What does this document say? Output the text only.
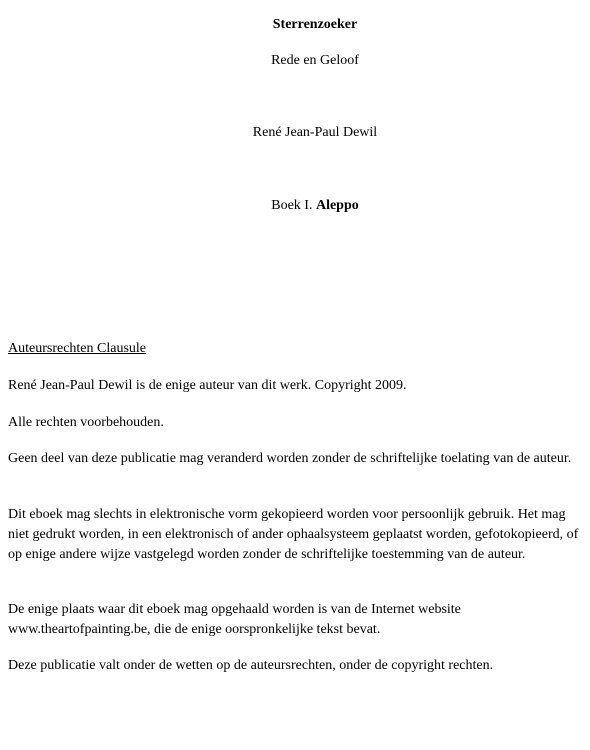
Sterrenzoeker
Rede en Geloof
René Jean-Paul Dewil
Boek I. Aleppo
Auteursrechten Clausule
René Jean-Paul Dewil is de enige auteur van dit werk. Copyright 2009.
Alle rechten voorbehouden.
Geen deel van deze publicatie mag veranderd worden zonder de schriftelijke toelating van de auteur.
Dit eboek mag slechts in elektronische vorm gekopieerd worden voor persoonlijk gebruik. Het mag niet gedrukt worden, in een elektronisch of ander ophaalsysteem geplaatst worden, gefotokopieerd, of op enige andere wijze vastgelegd worden zonder de schriftelijke toestemming van de auteur.
De enige plaats waar dit eboek mag opgehaald worden is van de Internet website www.theartofpainting.be, die de enige oorspronkelijke tekst bevat.
Deze publicatie valt onder de wetten op de auteursrechten, onder de copyright rechten.
